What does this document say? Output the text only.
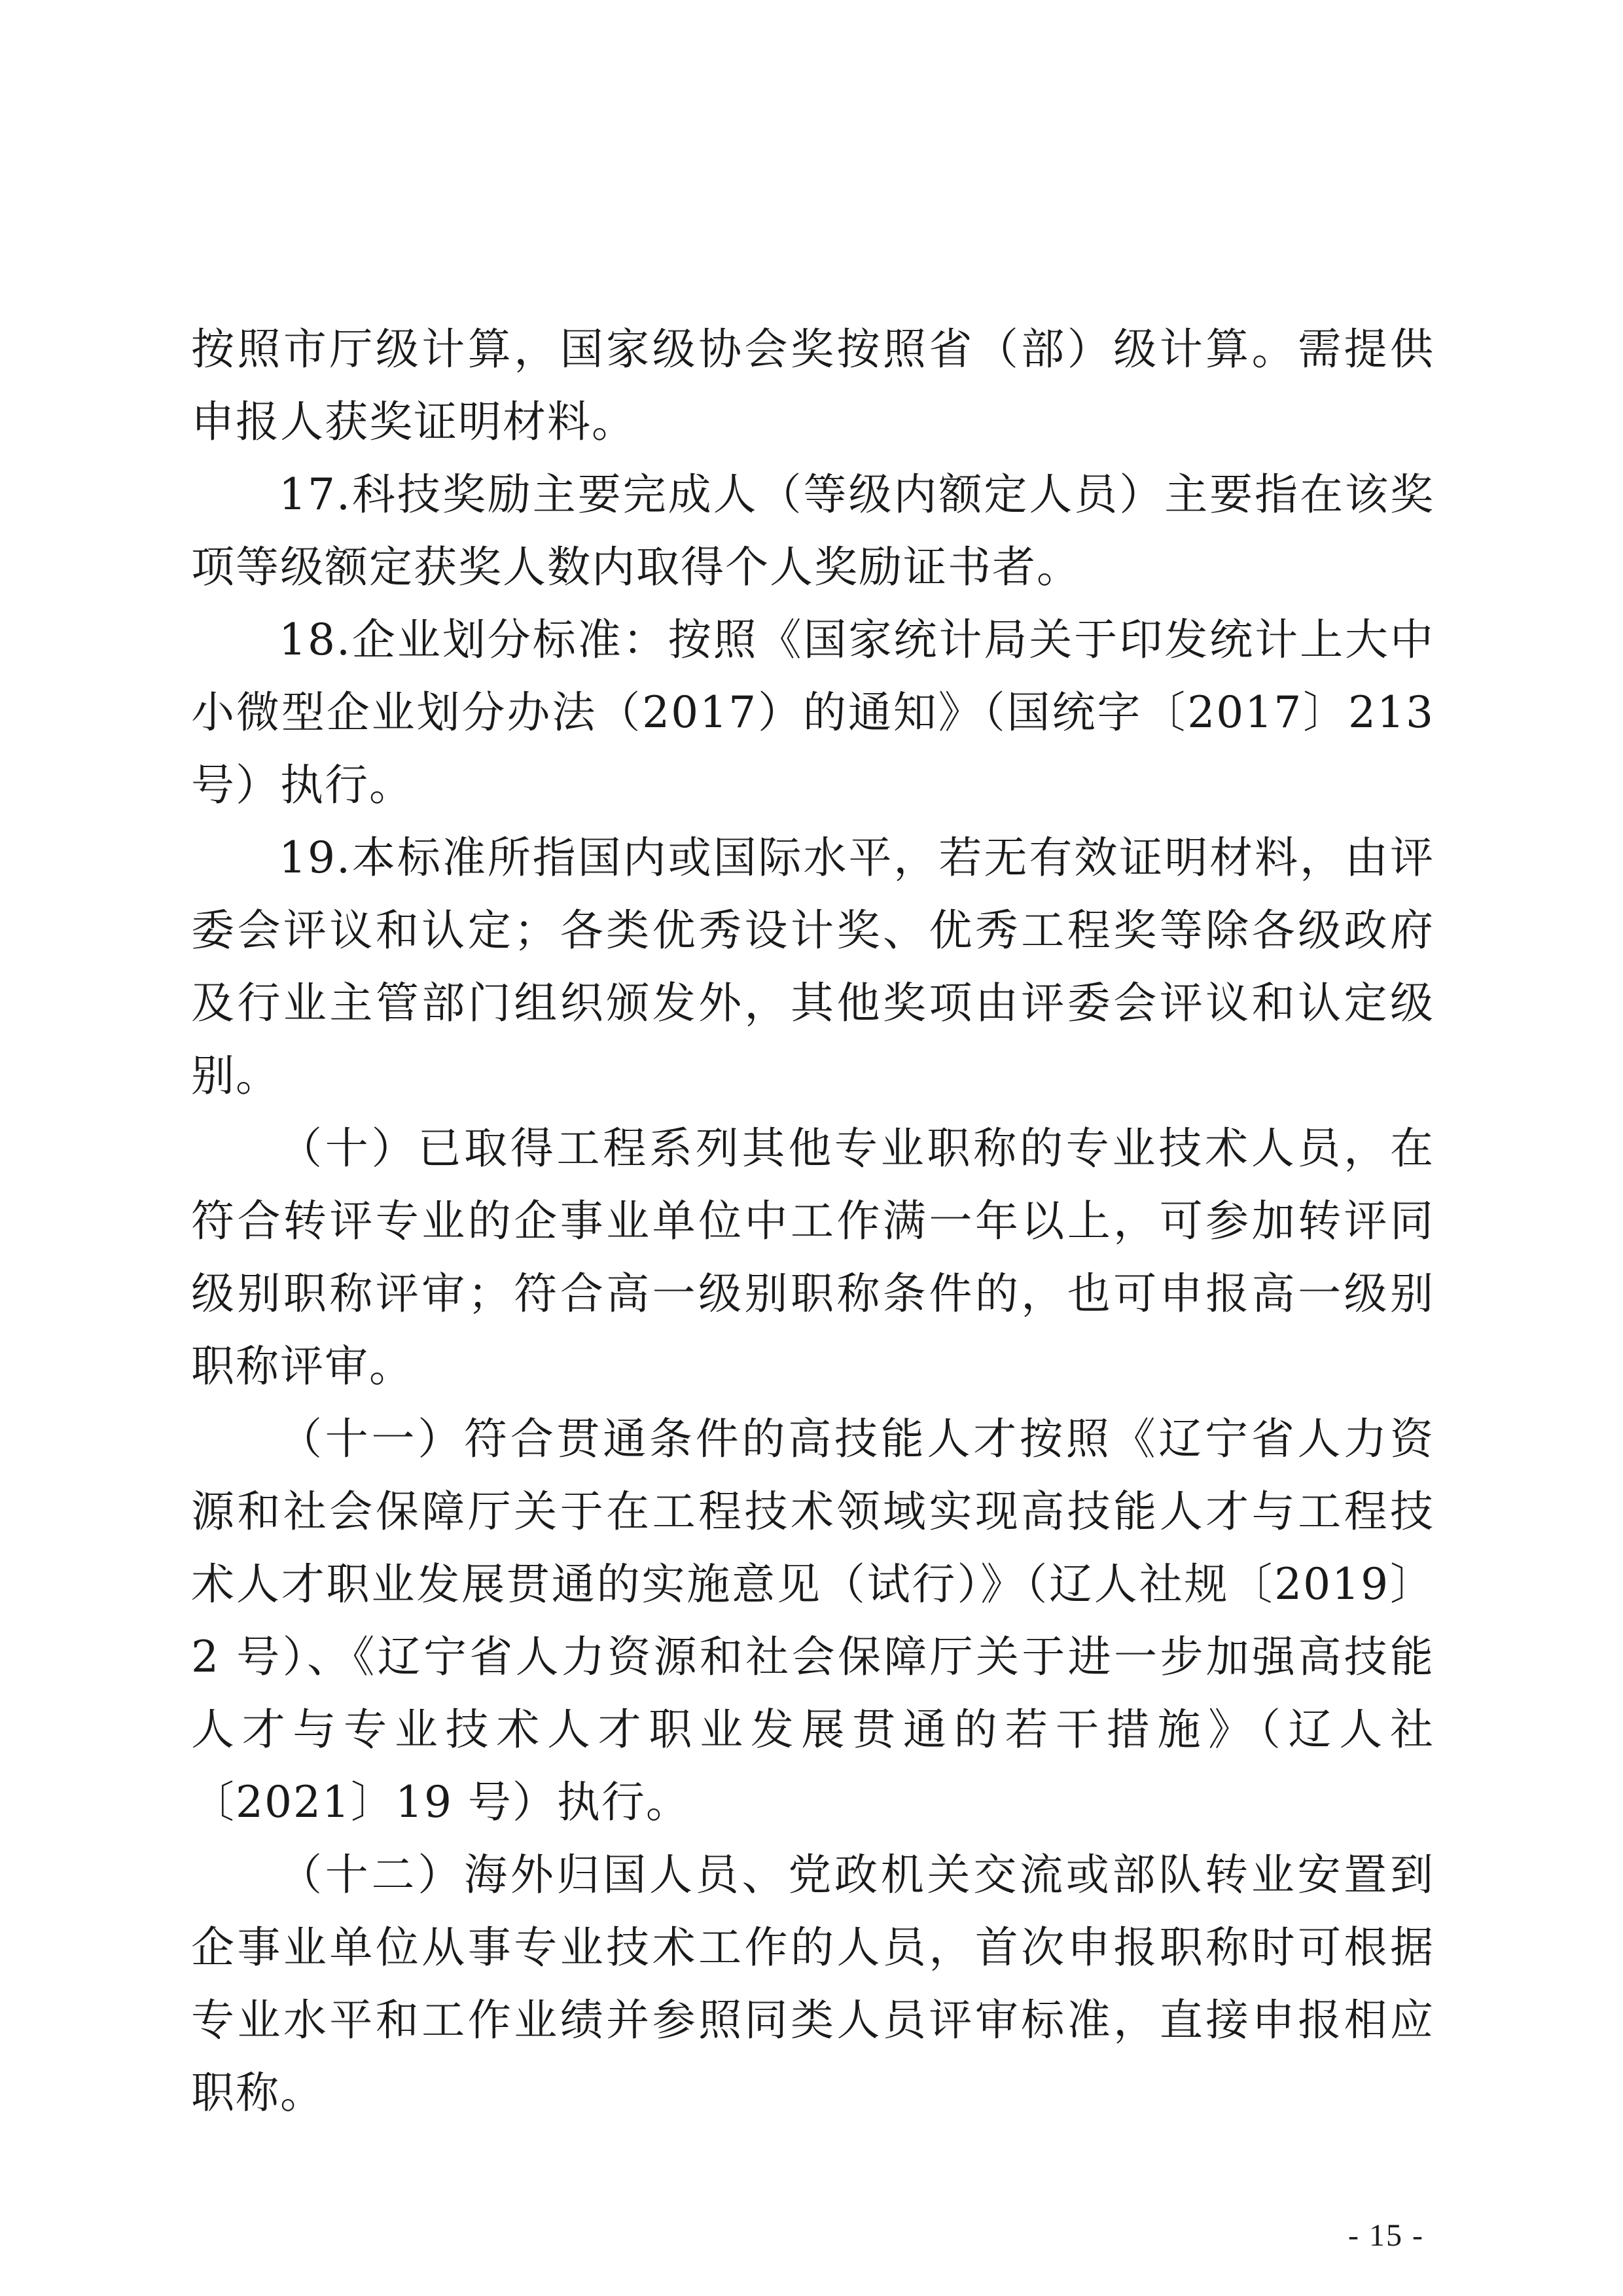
按照市厅级计算，国家级协会奖按照省（部）级计算。需提供申报人获奖证明材料。

17.科技奖励主要完成人（等级内额定人员）主要指在该奖项等级额定获奖人数内取得个人奖励证书者。

18.企业划分标准：按照《国家统计局关于印发统计上大中小微型企业划分办法（2017）的通知》（国统字〔2017〕213 号）执行。

19.本标准所指国内或国际水平，若无有效证明材料，由评委会评议和认定；各类优秀设计奖、优秀工程奖等除各级政府及行业主管部门组织颁发外，其他奖项由评委会评议和认定级别。

（十）已取得工程系列其他专业职称的专业技术人员，在符合转评专业的企事业单位中工作满一年以上，可参加转评同级别职称评审；符合高一级别职称条件的，也可申报高一级别职称评审。

（十一）符合贯通条件的高技能人才按照《辽宁省人力资源和社会保障厅关于在工程技术领域实现高技能人才与工程技术人才职业发展贯通的实施意见（试行）》（辽人社规〔2019〕2 号）、《辽宁省人力资源和社会保障厅关于进一步加强高技能人才与专业技术人才职业发展贯通的若干措施》（辽人社〔2021〕19 号）执行。

（十二）海外归国人员、党政机关交流或部队转业安置到企事业单位从事专业技术工作的人员，首次申报职称时可根据专业水平和工作业绩并参照同类人员评审标准，直接申报相应职称。

- 15 -
